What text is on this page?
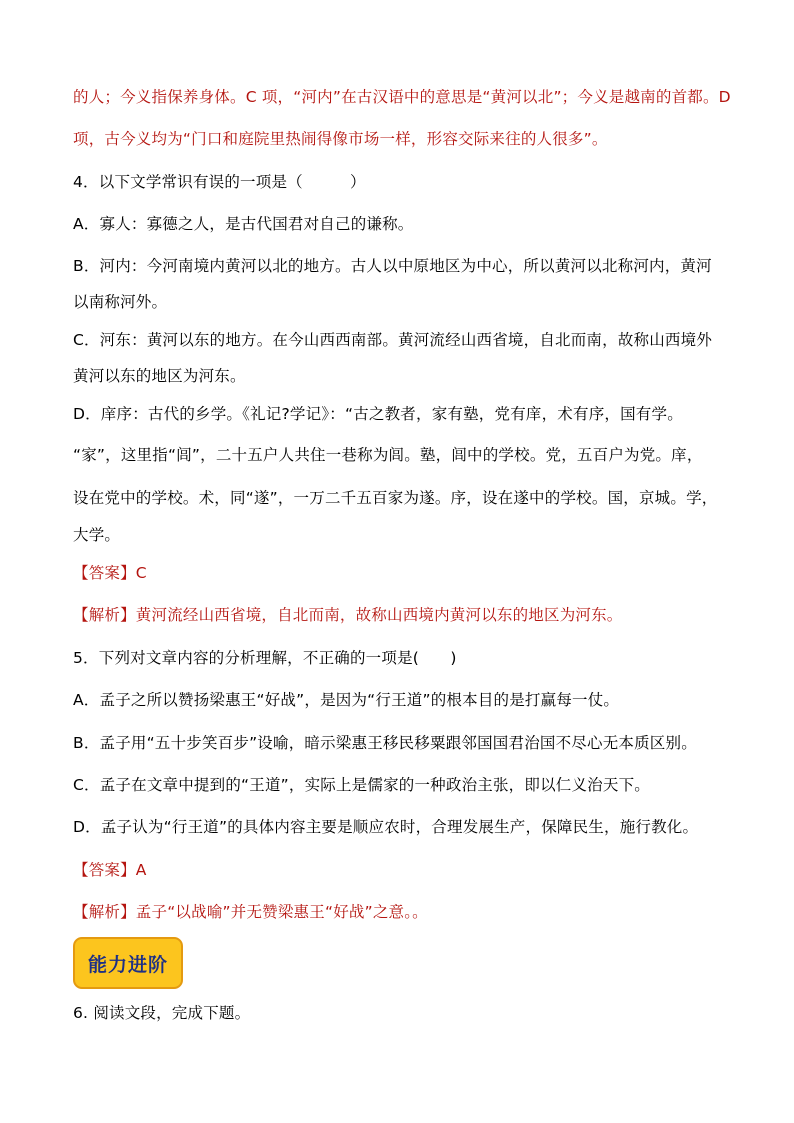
的人；今义指保养身体。C 项，“河内”在古汉语中的意思是“黄河以北”；今义是越南的首都。D
项，古今义均为“门口和庭院里热闹得像市场一样，形容交际来往的人很多”。
4．以下文学常识有误的一项是（　　　）
A．寡人：寡德之人，是古代国君对自己的谦称。
B．河内：今河南境内黄河以北的地方。古人以中原地区为中心，所以黄河以北称河内，黄河
以南称河外。
C．河东：黄河以东的地方。在今山西西南部。黄河流经山西省境，自北而南，故称山西境外
黄河以东的地区为河东。
D．庠序：古代的乡学。《礼记?学记》：“古之教者，家有塾，党有庠，术有序，国有学。
“家”，这里指“闾”，二十五户人共住一巷称为闾。塾，闾中的学校。党，五百户为党。庠，
设在党中的学校。术，同“遂”，一万二千五百家为遂。序，设在遂中的学校。国，京城。学，
大学。
【答案】C
【解析】黄河流经山西省境，自北而南，故称山西境内黄河以东的地区为河东。
5．下列对文章内容的分析理解，不正确的一项是(　　)
A．孟子之所以赞扬梁惠王“好战”，是因为“行王道”的根本目的是打赢每一仗。
B．孟子用“五十步笑百步”设喻，暗示梁惠王移民移粟跟邻国国君治国不尽心无本质区别。
C．孟子在文章中提到的“王道”，实际上是儒家的一种政治主张，即以仁义治天下。
D．孟子认为“行王道”的具体内容主要是顺应农时，合理发展生产，保障民生，施行教化。
【答案】A
【解析】孟子“以战喻”并无赞梁惠王“好战”之意。。
能力进阶
6. 阅读文段，完成下题。
